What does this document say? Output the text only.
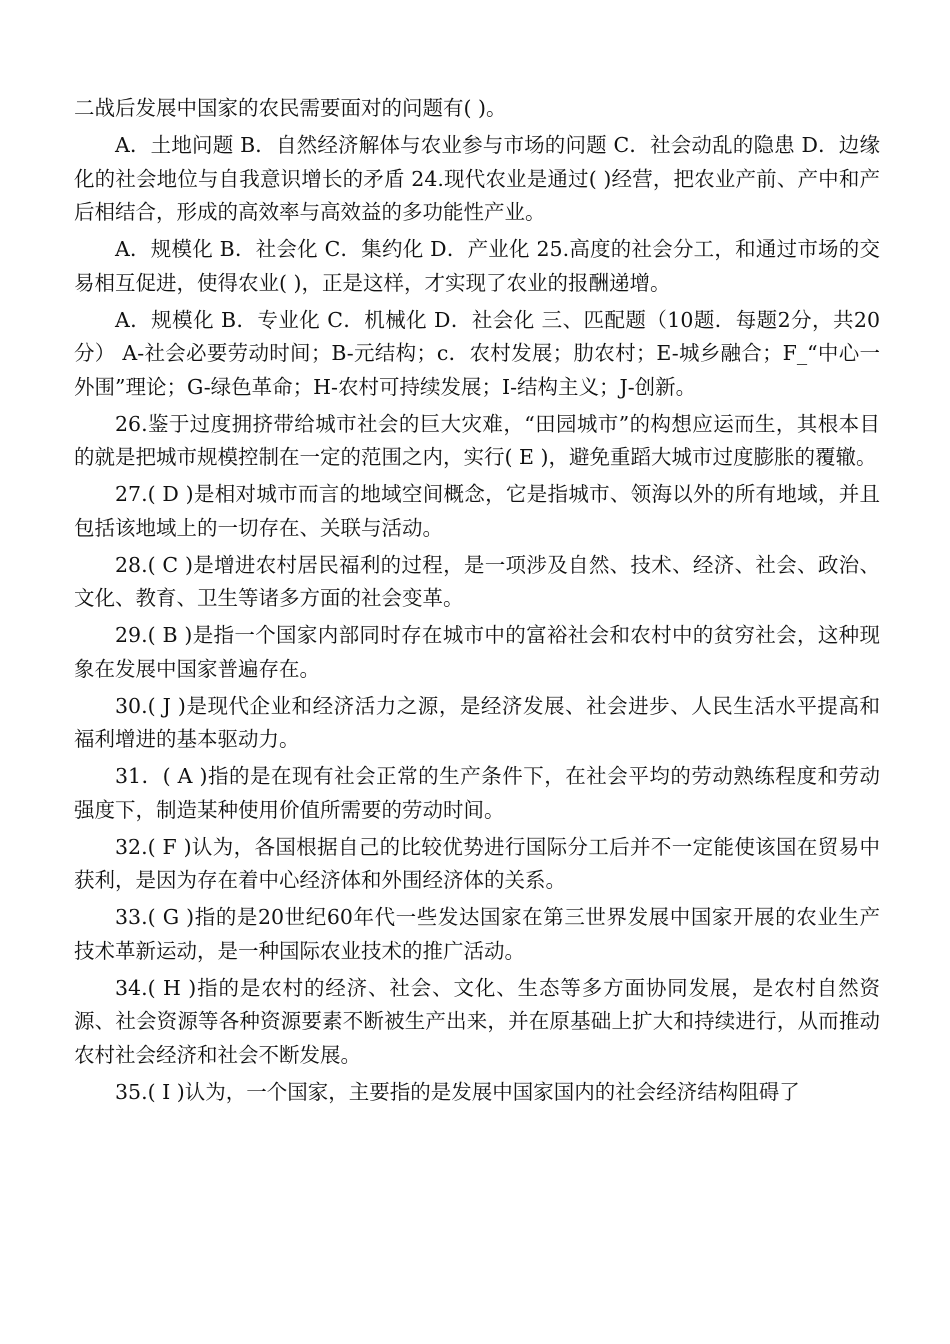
二战后发展中国家的农民需要面对的问题有( )。

A．土地问题 B．自然经济解体与农业参与市场的问题 C．社会动乱的隐患 D．边缘化的社会地位与自我意识增长的矛盾 24.现代农业是通过( )经营，把农业产前、产中和产后相结合，形成的高效率与高效益的多功能性产业。

A．规模化 B．社会化 C．集约化 D．产业化 25.高度的社会分工，和通过市场的交易相互促进，使得农业( )，正是这样，才实现了农业的报酬递增。

A．规模化 B．专业化 C．机械化 D．社会化 三、匹配题（10题．每题2分，共20分） A-社会必要劳动时间；B-元结构；c．农村发展；肋农村；E-城乡融合；F_“中心一外围”理论；G-绿色革命；H-农村可持续发展；I-结构主义；J-创新。

26.鉴于过度拥挤带给城市社会的巨大灾难，“田园城市”的构想应运而生，其根本目的就是把城市规模控制在一定的范围之内，实行( E )，避免重蹈大城市过度膨胀的覆辙。

27.( D )是相对城市而言的地域空间概念，它是指城市、领海以外的所有地域，并且包括该地域上的一切存在、关联与活动。

28.( C )是增进农村居民福利的过程，是一项涉及自然、技术、经济、社会、政治、文化、教育、卫生等诸多方面的社会变革。

29.( B )是指一个国家内部同时存在城市中的富裕社会和农村中的贫穷社会，这种现象在发展中国家普遍存在。

30.( J )是现代企业和经济活力之源，是经济发展、社会进步、人民生活水平提高和福利增进的基本驱动力。

31．( A )指的是在现有社会正常的生产条件下，在社会平均的劳动熟练程度和劳动强度下，制造某种使用价值所需要的劳动时间。

32.( F )认为，各国根据自己的比较优势进行国际分工后并不一定能使该国在贸易中获利，是因为存在着中心经济体和外围经济体的关系。

33.( G )指的是20世纪60年代一些发达国家在第三世界发展中国家开展的农业生产技术革新运动，是一种国际农业技术的推广活动。

34.( H )指的是农村的经济、社会、文化、生态等多方面协同发展，是农村自然资源、社会资源等各种资源要素不断被生产出来，并在原基础上扩大和持续进行，从而推动农村社会经济和社会不断发展。

35.( I )认为，一个国家，主要指的是发展中国家国内的社会经济结构阻碍了
